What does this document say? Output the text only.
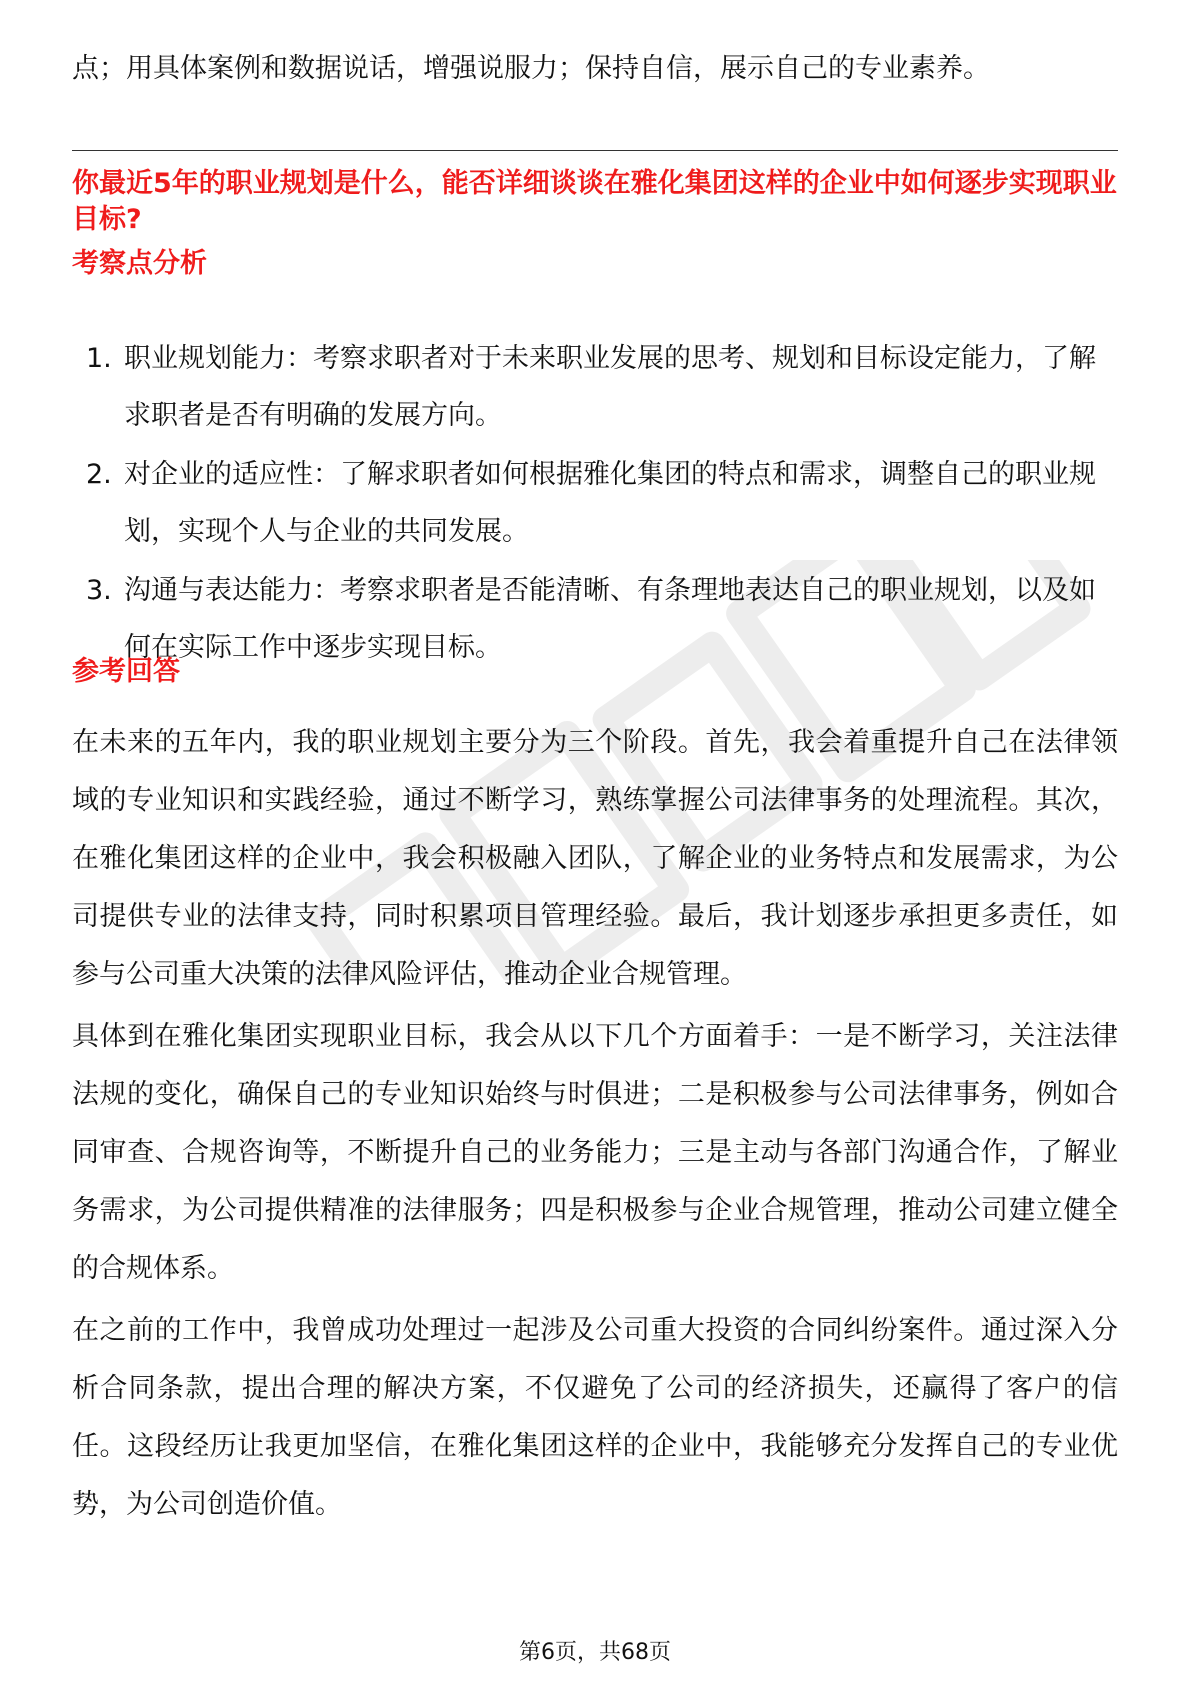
点；用具体案例和数据说话，增强说服力；保持自信，展示自己的专业素养。

你最近5年的职业规划是什么，能否详细谈谈在雅化集团这样的企业中如何逐步实现职业目标?
考察点分析
1. 职业规划能力：考察求职者对于未来职业发展的思考、规划和目标设定能力，了解求职者是否有明确的发展方向。
2. 对企业的适应性：了解求职者如何根据雅化集团的特点和需求，调整自己的职业规划，实现个人与企业的共同发展。
3. 沟通与表达能力：考察求职者是否能清晰、有条理地表达自己的职业规划，以及如何在实际工作中逐步实现目标。
参考回答

在未来的五年内，我的职业规划主要分为三个阶段。首先，我会着重提升自己在法律领域的专业知识和实践经验，通过不断学习，熟练掌握公司法律事务的处理流程。其次，在雅化集团这样的企业中，我会积极融入团队，了解企业的业务特点和发展需求，为公司提供专业的法律支持，同时积累项目管理经验。最后，我计划逐步承担更多责任，如参与公司重大决策的法律风险评估，推动企业合规管理。

具体到在雅化集团实现职业目标，我会从以下几个方面着手：一是不断学习，关注法律法规的变化，确保自己的专业知识始终与时俱进；二是积极参与公司法律事务，例如合同审查、合规咨询等，不断提升自己的业务能力；三是主动与各部门沟通合作，了解业务需求，为公司提供精准的法律服务；四是积极参与企业合规管理，推动公司建立健全的合规体系。

在之前的工作中，我曾成功处理过一起涉及公司重大投资的合同纠纷案件。通过深入分析合同条款，提出合理的解决方案，不仅避免了公司的经济损失，还赢得了客户的信任。这段经历让我更加坚信，在雅化集团这样的企业中，我能够充分发挥自己的专业优势，为公司创造价值。

第6页，共68页
